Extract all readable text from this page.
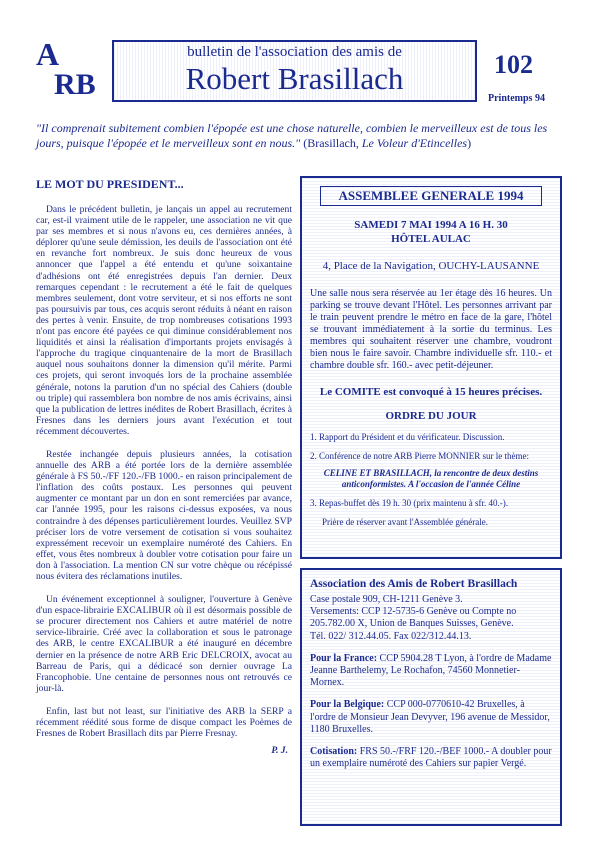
A
RB
bulletin de l'association des amis de
Robert Brasillach	102
Printemps 94
"Il comprenait subitement combien l'épopée est une chose naturelle, combien le merveilleux est de tous les jours, puisque l'épopée et le merveilleux sont en nous." (Brasillach, Le Voleur d'Etincelles)
LE MOT DU PRESIDENT...

Dans le précédent bulletin, je lançais un appel au recrutement car, est-il vraiment utile de le rappeler, une association ne vit que par ses membres et si nous n'avons eu, ces dernières années, à déplorer qu'une seule démission, les deuils de l'association ont été en revanche fort nombreux. Je suis donc heureux de vous annoncer que l'appel a été entendu et qu'une soixantaine d'adhésions ont été enregistrées depuis l'an dernier. Deux remarques cependant : le recrutement a été le fait de quelques membres seulement, dont votre serviteur, et si nos efforts ne sont pas poursuivis par tous, ces acquis seront réduits à néant en raison des pertes à venir. Ensuite, de trop nombreuses cotisations 1993 n'ont pas encore été payées ce qui diminue considérablement nos liquidités et ainsi la réalisation d'importants projets envisagés à l'approche du tragique cinquantenaire de la mort de Brasillach auquel nous souhaitons donner la dimension qu'il mérite. Parmi ces projets, qui seront invoqués lors de la prochaine assemblée générale, notons la parution d'un no spécial des Cahiers (double ou triple) qui rassemblera bon nombre de nos amis écrivains, ainsi que la publication de lettres inédites de Robert Brasillach, écrites à Fresnes dans les derniers jours avant l'exécution et tout récemment découvertes.

Restée inchangée depuis plusieurs années, la cotisation annuelle des ARB a été portée lors de la dernière assemblée générale à FS 50.-/FF 120.-/FB 1000.- en raison principalement de l'inflation des coûts postaux. Les personnes qui peuvent augmenter ce montant par un don en sont remerciées par avance, car l'année 1995, pour les raisons ci-dessus exposées, va nous contraindre à des dépenses particulièrement lourdes. Veuillez SVP préciser lors de votre versement de cotisation si vous souhaitez expressément recevoir un exemplaire numéroté des Cahiers. En effet, vous êtes nombreux à doubler votre cotisation pour faire un don à l'association. La mention CN sur votre chèque ou récépissé nous évitera des réclamations inutiles.

Un événement exceptionnel à souligner, l'ouverture à Genève d'un espace-librairie EXCALIBUR où il est désormais possible de se procurer directement nos Cahiers et autre matériel de notre service-librairie. Créé avec la collaboration et sous le patronage des ARB, le centre EXCALIBUR a été inauguré en décembre dernier en la présence de notre ARB Eric DELCROIX, avocat au Barreau de Paris, qui a dédicacé son dernier ouvrage La Francophobie. Une centaine de personnes nous ont retrouvés ce jour-là.

Enfin, last but not least, sur l'initiative des ARB la SERP a récemment réédité sous forme de disque compact les Poèmes de Fresnes de Robert Brasillach dits par Pierre Fresnay.

P. J.
ASSEMBLEE GENERALE 1994
SAMEDI 7 MAI 1994 A 16 H. 30
HÔTEL AULAC
4, Place de la Navigation, OUCHY-LAUSANNE
Une salle nous sera réservée au 1er étage dès 16 heures. Un parking se trouve devant l'Hôtel. Les personnes arrivant par le train peuvent prendre le métro en face de la gare, l'hôtel se trouvant immédiatement à la sortie du terminus. Les membres qui souhaitent réserver une chambre, voudront bien nous le faire savoir. Chambre individuelle sfr. 110.- et chambre double sfr. 160.- avec petit-déjeuner.
Le COMITE est convoqué à 15 heures précises.
ORDRE DU JOUR
1. Rapport du Président et du vérificateur. Discussion.
2. Conférence de notre ARB Pierre MONNIER sur le thème:
CELINE ET BRASILLACH, la rencontre de deux destins anticonformistes. A l'occasion de l'année Céline
3. Repas-buffet dès 19 h. 30 (prix maintenu à sfr. 40.-).
Prière de réserver avant l'Assemblée générale.
Association des Amis de Robert Brasillach
Case postale 909, CH-1211 Genève 3.
Versements: CCP 12-5735-6 Genève ou Compte no 205.782.00 X, Union de Banques Suisses, Genève.
Tél. 022/ 312.44.05. Fax 022/312.44.13.
Pour la France: CCP 5904.28 T Lyon, à l'ordre de Madame Jeanne Barthelemy, Le Rochafon, 74560 Monnetier-Mornex.
Pour la Belgique: CCP 000-0770610-42 Bruxelles, à l'ordre de Monsieur Jean Devyver, 196 avenue de Messidor, 1180 Bruxelles.
Cotisation: FRS 50.-/FRF 120.-/BEF 1000.- A doubler pour un exemplaire numéroté des Cahiers sur papier Vergé.
